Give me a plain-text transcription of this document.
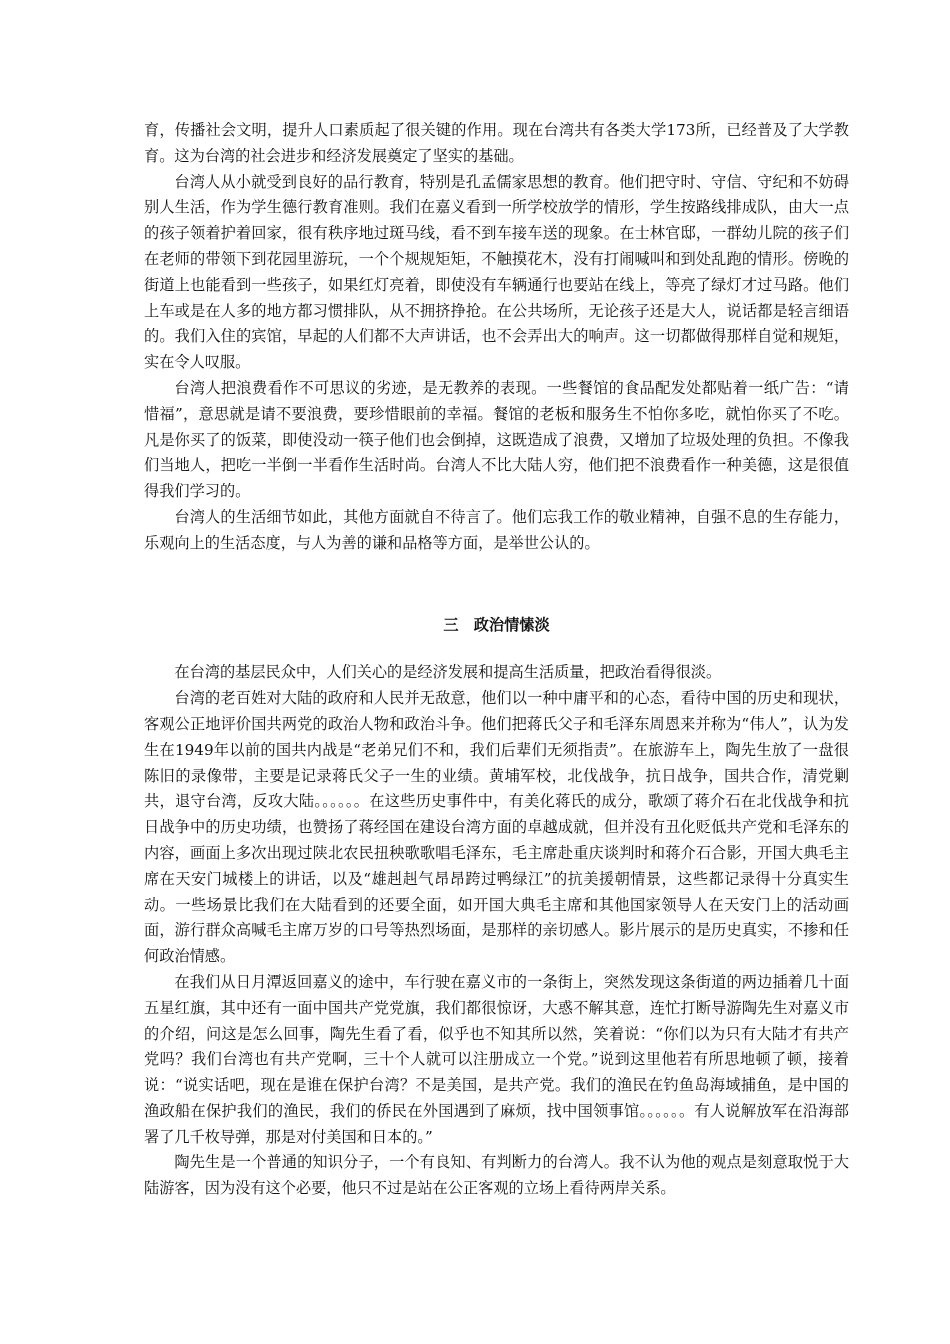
育，传播社会文明，提升人口素质起了很关键的作用。现在台湾共有各类大学173所，已经普及了大学教育。这为台湾的社会进步和经济发展奠定了坚实的基础。

台湾人从小就受到良好的品行教育，特别是孔孟儒家思想的教育。他们把守时、守信、守纪和不妨碍别人生活，作为学生德行教育准则。我们在嘉义看到一所学校放学的情形，学生按路线排成队，由大一点的孩子领着护着回家，很有秩序地过斑马线，看不到车接车送的现象。在士林官邸，一群幼儿院的孩子们在老师的带领下到花园里游玩，一个个规规矩矩，不触摸花木，没有打闹喊叫和到处乱跑的情形。傍晚的街道上也能看到一些孩子，如果红灯亮着，即使没有车辆通行也要站在线上，等亮了绿灯才过马路。他们上车或是在人多的地方都习惯排队，从不拥挤挣抢。在公共场所，无论孩子还是大人，说话都是轻言细语的。我们入住的宾馆，早起的人们都不大声讲话，也不会弄出大的响声。这一切都做得那样自觉和规矩，实在令人叹服。

台湾人把浪费看作不可思议的劣迹，是无教养的表现。一些餐馆的食品配发处都贴着一纸广告：“请惜福”，意思就是请不要浪费，要珍惜眼前的幸福。餐馆的老板和服务生不怕你多吃，就怕你买了不吃。凡是你买了的饭菜，即使没动一筷子他们也会倒掉，这既造成了浪费，又增加了垃圾处理的负担。不像我们当地人，把吃一半倒一半看作生活时尚。台湾人不比大陆人穷，他们把不浪费看作一种美德，这是很值得我们学习的。

台湾人的生活细节如此，其他方面就自不待言了。他们忘我工作的敬业精神，自强不息的生存能力，乐观向上的生活态度，与人为善的谦和品格等方面，是举世公认的。

三　政治情愫淡

在台湾的基层民众中，人们关心的是经济发展和提高生活质量，把政治看得很淡。

台湾的老百姓对大陆的政府和人民并无敌意，他们以一种中庸平和的心态，看待中国的历史和现状，客观公正地评价国共两党的政治人物和政治斗争。他们把蒋氏父子和毛泽东周恩来并称为“伟人”，认为发生在1949年以前的国共内战是“老弟兄们不和，我们后辈们无须指责”。在旅游车上，陶先生放了一盘很陈旧的录像带，主要是记录蒋氏父子一生的业绩。黄埔军校，北伐战争，抗日战争，国共合作，清党剿共，退守台湾，反攻大陆。。。。。。在这些历史事件中，有美化蒋氏的成分，歌颂了蒋介石在北伐战争和抗日战争中的历史功绩，也赞扬了蒋经国在建设台湾方面的卓越成就，但并没有丑化贬低共产党和毛泽东的内容，画面上多次出现过陕北农民扭秧歌歌唱毛泽东，毛主席赴重庆谈判时和蒋介石合影，开国大典毛主席在天安门城楼上的讲话，以及“雄赳赳气昂昂跨过鸭绿江”的抗美援朝情景，这些都记录得十分真实生动。一些场景比我们在大陆看到的还要全面，如开国大典毛主席和其他国家领导人在天安门上的活动画面，游行群众高喊毛主席万岁的口号等热烈场面，是那样的亲切感人。影片展示的是历史真实，不掺和任何政治情感。

在我们从日月潭返回嘉义的途中，车行驶在嘉义市的一条街上，突然发现这条街道的两边插着几十面五星红旗，其中还有一面中国共产党党旗，我们都很惊讶，大惑不解其意，连忙打断导游陶先生对嘉义市的介绍，问这是怎么回事，陶先生看了看，似乎也不知其所以然，笑着说：“你们以为只有大陆才有共产党吗？我们台湾也有共产党啊，三十个人就可以注册成立一个党。”说到这里他若有所思地顿了顿，接着说：“说实话吧，现在是谁在保护台湾？不是美国，是共产党。我们的渔民在钓鱼岛海域捕鱼，是中国的渔政船在保护我们的渔民，我们的侨民在外国遇到了麻烦，找中国领事馆。。。。。。有人说解放军在沿海部署了几千枚导弹，那是对付美国和日本的。”

陶先生是一个普通的知识分子，一个有良知、有判断力的台湾人。我不认为他的观点是刻意取悦于大陆游客，因为没有这个必要，他只不过是站在公正客观的立场上看待两岸关系。
